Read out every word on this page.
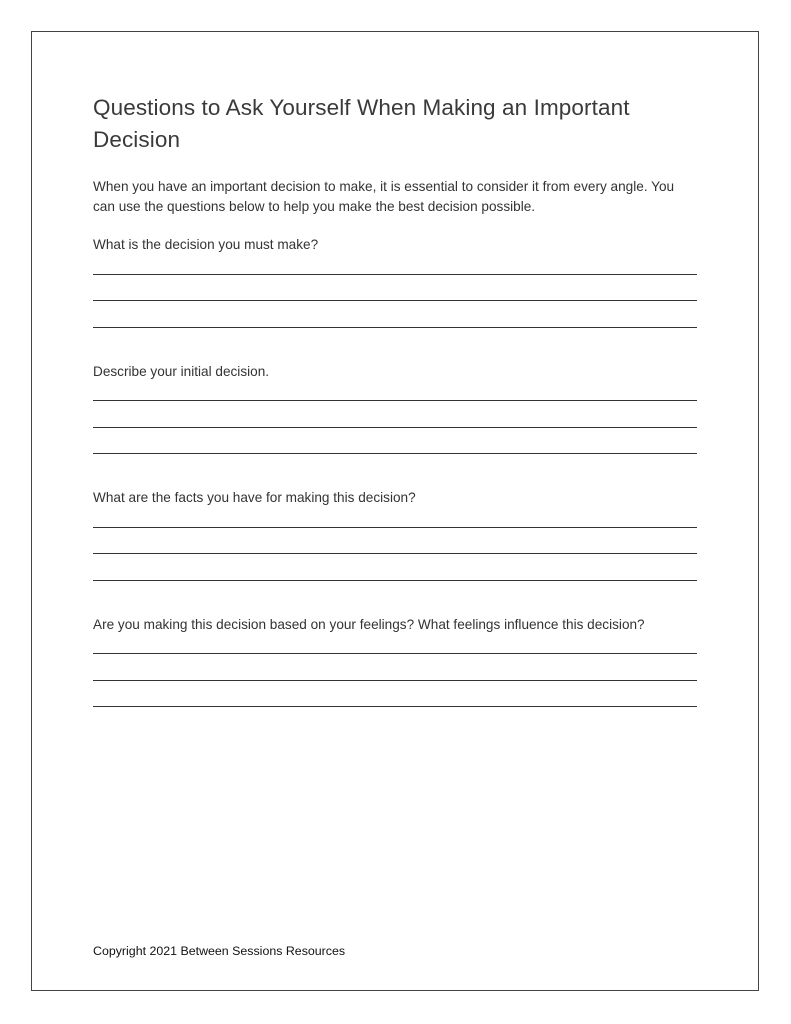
Questions to Ask Yourself When Making an Important Decision

When you have an important decision to make, it is essential to consider it from every angle. You can use the questions below to help you make the best decision possible.

What is the decision you must make?

Describe your initial decision.

What are the facts you have for making this decision?

Are you making this decision based on your feelings? What feelings influence this decision?

Copyright 2021 Between Sessions Resources
